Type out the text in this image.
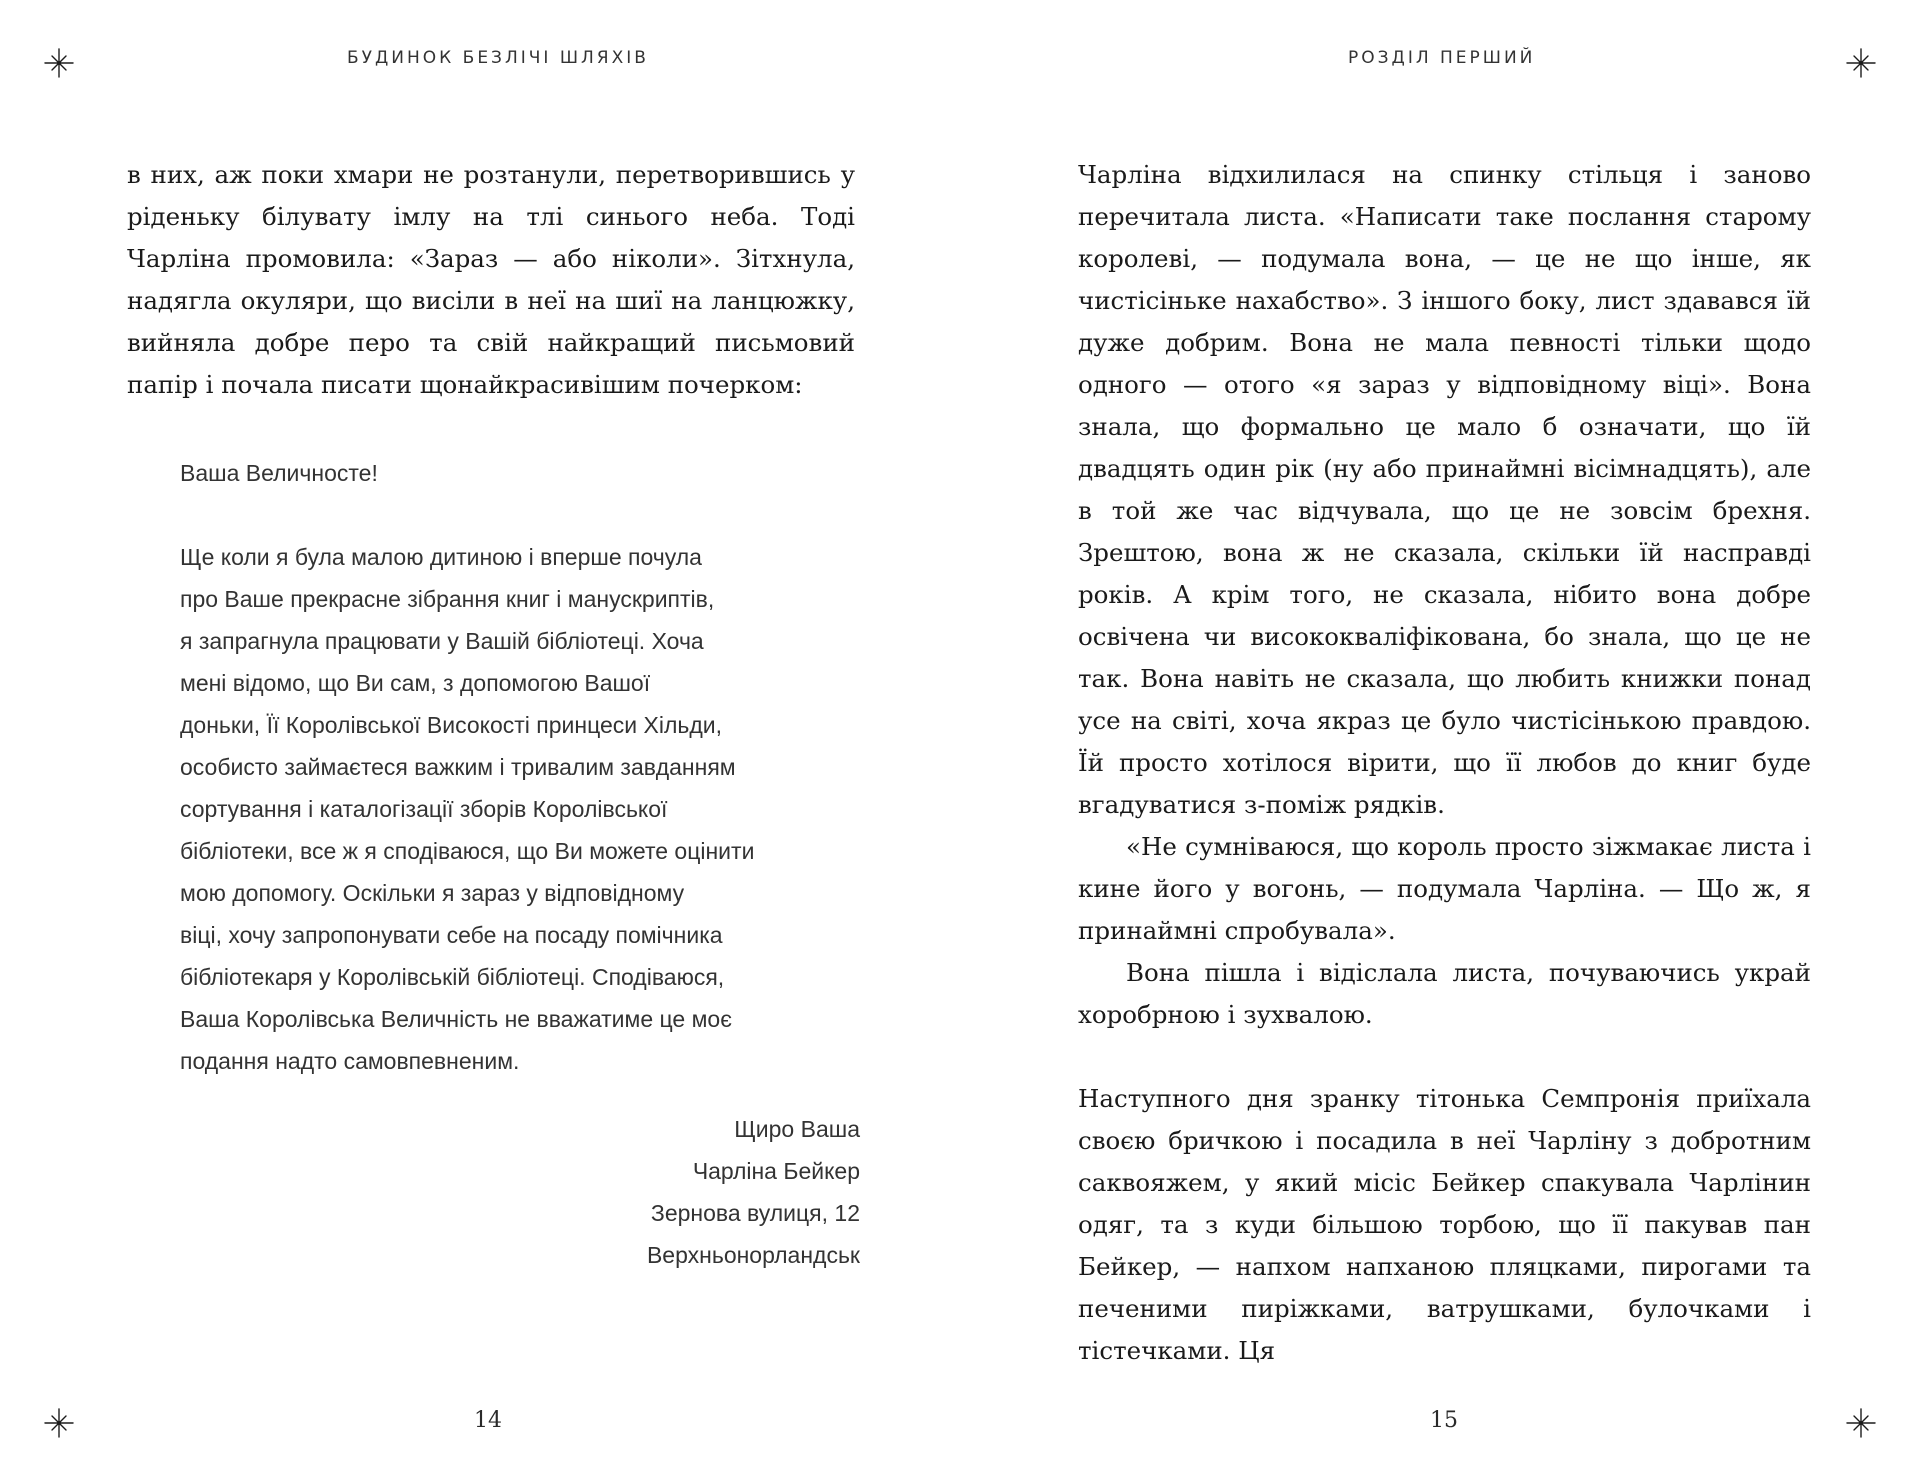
БУДИНОК БЕЗЛІЧІ ШЛЯХІВ

в них, аж поки хмари не розтанули, перетворившись у ріденьку білувату імлу на тлі синього неба. Тоді Чарліна промовила: «Зараз — або ніколи». Зітхнула, надягла окуляри, що висіли в неї на шиї на ланцюжку, вийняла добре перо та свій найкращий письмовий папір і почала писати щонайкрасивішим почерком:

Ваша Величносте!

Ще коли я була малою дитиною і вперше почула
про Ваше прекрасне зібрання книг і манускриптів,
я запрагнула працювати у Вашій бібліотеці. Хоча
мені відомо, що Ви сам, з допомогою Вашої
доньки, Її Королівської Високості принцеси Хільди,
особисто займаєтеся важким і тривалим завданням
сортування і каталогізації зборів Королівської
бібліотеки, все ж я сподіваюся, що Ви можете оцінити
мою допомогу. Оскільки я зараз у відповідному
віці, хочу запропонувати себе на посаду помічника
бібліотекаря у Королівській бібліотеці. Сподіваюся,
Ваша Королівська Величність не вважатиме це моє
подання надто самовпевненим.
Щиро Ваша
Чарліна Бейкер
Зернова вулиця, 12
Верхньонорландськ
14
РОЗДІЛ ПЕРШИЙ

Чарліна відхилилася на спинку стільця і заново перечитала листа. «Написати таке послання старому королеві, — подумала вона, — це не що інше, як чистісіньке нахабство». З іншого боку, лист здавався їй дуже добрим. Вона не мала певності тільки щодо одного — отого «я зараз у відповідному віці». Вона знала, що формально це мало б означати, що їй двадцять один рік (ну або принаймні вісімнадцять), але в той же час відчувала, що це не зовсім брехня. Зрештою, вона ж не сказала, скільки їй насправді років. А крім того, не сказала, нібито вона добре освічена чи висококваліфікована, бо знала, що це не так. Вона навіть не сказала, що любить книжки понад усе на світі, хоча якраз це було чистісінькою правдою. Їй просто хотілося вірити, що її любов до книг буде вгадуватися з-поміж рядків.

«Не сумніваюся, що король просто зіжмакає листа і кине його у вогонь, — подумала Чарліна. — Що ж, я принаймні спробувала».

Вона пішла і відіслала листа, почуваючись украй хоробрною і зухвалою.

Наступного дня зранку тітонька Семпронія приїхала своєю бричкою і посадила в неї Чарліну з добротним саквояжем, у який місіс Бейкер спакувала Чарлінин одяг, та з куди більшою торбою, що її пакував пан Бейкер, — напхом напханою пляцками, пирогами та печеними пиріжками, ватрушками, булочками і тістечками. Ця

15
